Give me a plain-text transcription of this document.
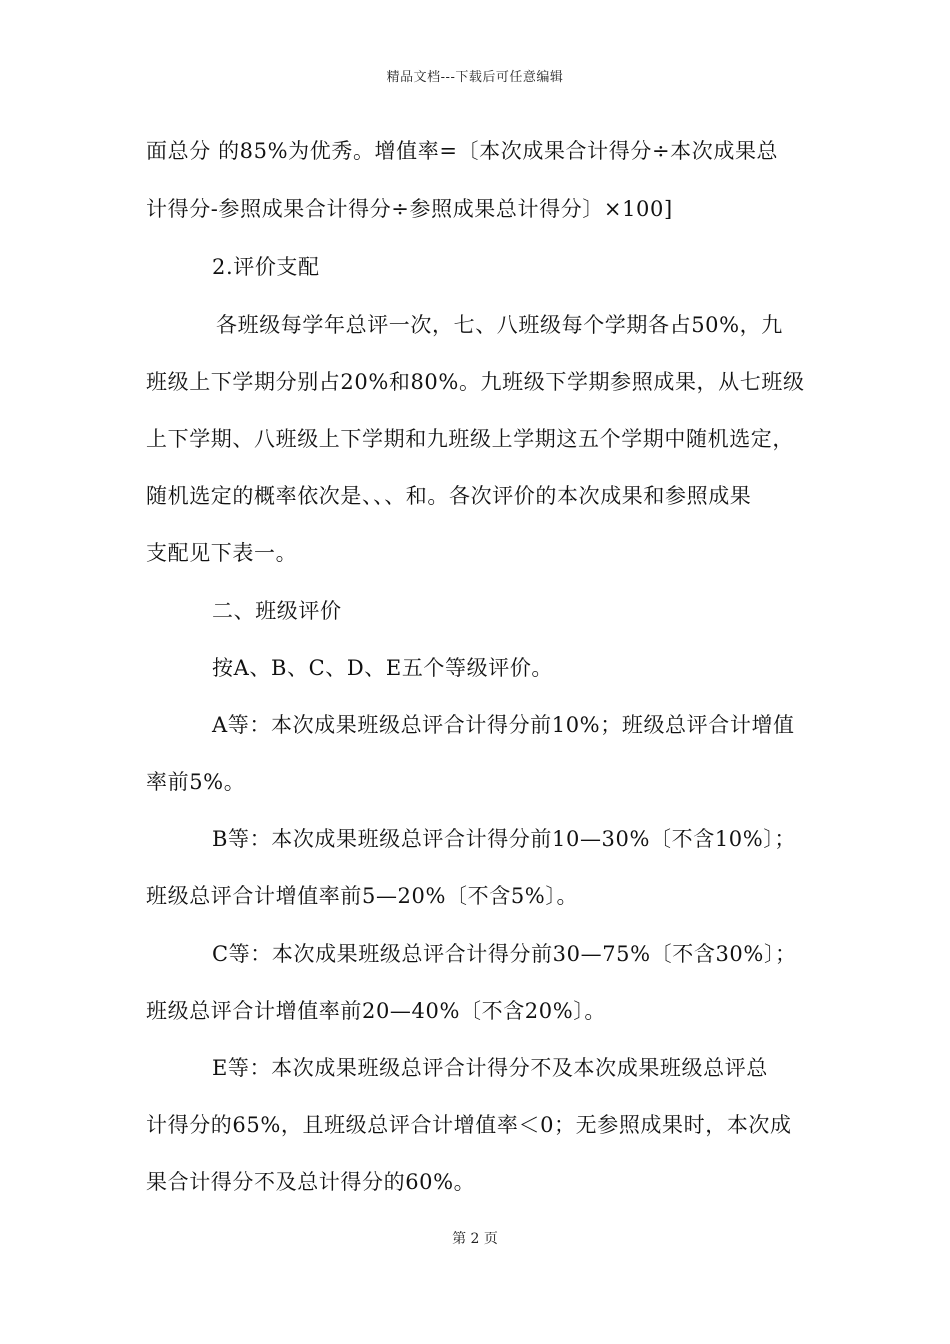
精品文档---下载后可任意编辑
面总分 的85%为优秀。增值率=〔本次成果合计得分÷本次成果总
计得分-参照成果合计得分÷参照成果总计得分〕×100]
2.评价支配
各班级每学年总评一次，七、八班级每个学期各占50%，九
班级上下学期分别占20%和80%。九班级下学期参照成果，从七班级
上下学期、八班级上下学期和九班级上学期这五个学期中随机选定，
随机选定的概率依次是、、、和。各次评价的本次成果和参照成果
支配见下表一。
二、班级评价
按A、B、C、D、E五个等级评价。
A等：本次成果班级总评合计得分前10%；班级总评合计增值
率前5%。
B等：本次成果班级总评合计得分前10—30%〔不含10%〕；
班级总评合计增值率前5—20%〔不含5%〕。
C等：本次成果班级总评合计得分前30—75%〔不含30%〕；
班级总评合计增值率前20—40%〔不含20%〕。
E等：本次成果班级总评合计得分不及本次成果班级总评总
计得分的65%，且班级总评合计增值率＜0；无参照成果时，本次成
果合计得分不及总计得分的60%。
第 2 页
